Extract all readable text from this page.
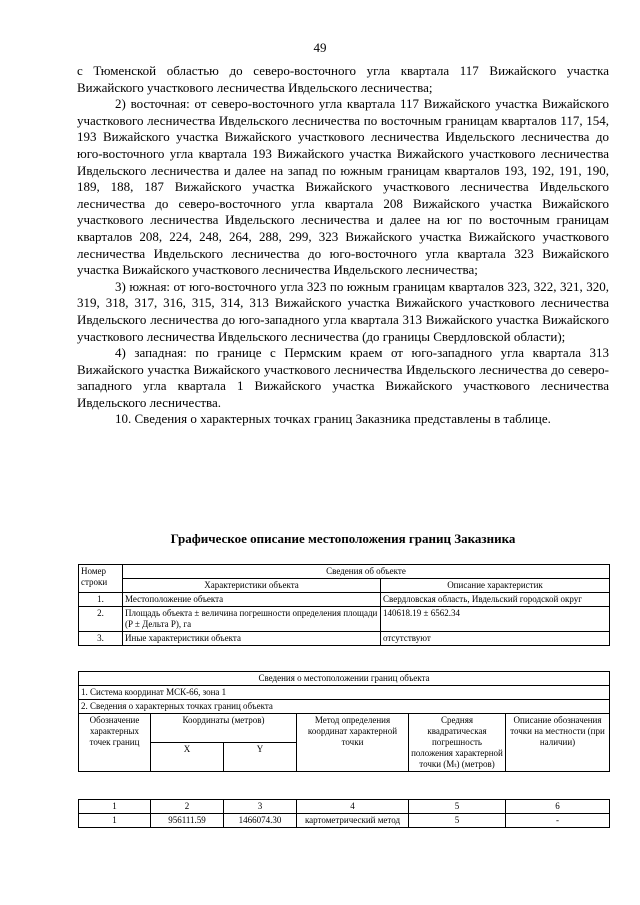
49

с Тюменской областью до северо-восточного угла квартала 117 Вижайского участка Вижайского участкового лесничества Ивдельского лесничества;

2) восточная: от северо-восточного угла квартала 117 Вижайского участка Вижайского участкового лесничества Ивдельского лесничества по восточным границам кварталов 117, 154, 193 Вижайского участка Вижайского участкового лесничества Ивдельского лесничества до юго-восточного угла квартала 193 Вижайского участка Вижайского участкового лесничества Ивдельского лесничества и далее на запад по южным границам кварталов 193, 192, 191, 190, 189, 188, 187 Вижайского участка Вижайского участкового лесничества Ивдельского лесничества до северо-восточного угла квартала 208 Вижайского участка Вижайского участкового лесничества Ивдельского лесничества и далее на юг по восточным границам кварталов 208, 224, 248, 264, 288, 299, 323 Вижайского участка Вижайского участкового лесничества Ивдельского лесничества до юго-восточного угла квартала 323 Вижайского участка Вижайского участкового лесничества Ивдельского лесничества;

3) южная: от юго-восточного угла 323 по южным границам кварталов 323, 322, 321, 320, 319, 318, 317, 316, 315, 314, 313 Вижайского участка Вижайского участкового лесничества Ивдельского лесничества до юго-западного угла квартала 313 Вижайского участка Вижайского участкового лесничества Ивдельского лесничества (до границы Свердловской области);

4) западная: по границе с Пермским краем от юго-западного угла квартала 313 Вижайского участка Вижайского участкового лесничества Ивдельского лесничества до северо-западного угла квартала 1 Вижайского участка Вижайского участкового лесничества Ивдельского лесничества.

10. Сведения о характерных точках границ Заказника представлены в таблице.

Графическое описание местоположения границ Заказника
Номер строки	Сведения об объекте	
	Характеристики объекта	Описание характеристик
1.	Местоположение объекта	Свердловская область, Ивдельский городской округ
2.	Площадь объекта ± величина погрешности определения площади (P ± Дельта P), га	140618.19 ± 6562.34
3.	Иные характеристики объекта	отсутствуют
Сведения о местоположении границ объекта					
1. Система координат МСК-66, зона 1					
2. Сведения о характерных точках границ объекта					
Обозначение характерных точек границ	Координаты (метров)		Метод определения координат характерной точки	Средняя квадратическая погрешность положения характерной точки (Mₜ) (метров)	Описание обозначения точки на местности (при наличии)
	X	Y			
1	2	3	4	5	6
1	956111.59	1466074.30	картометрический метод	5	-
